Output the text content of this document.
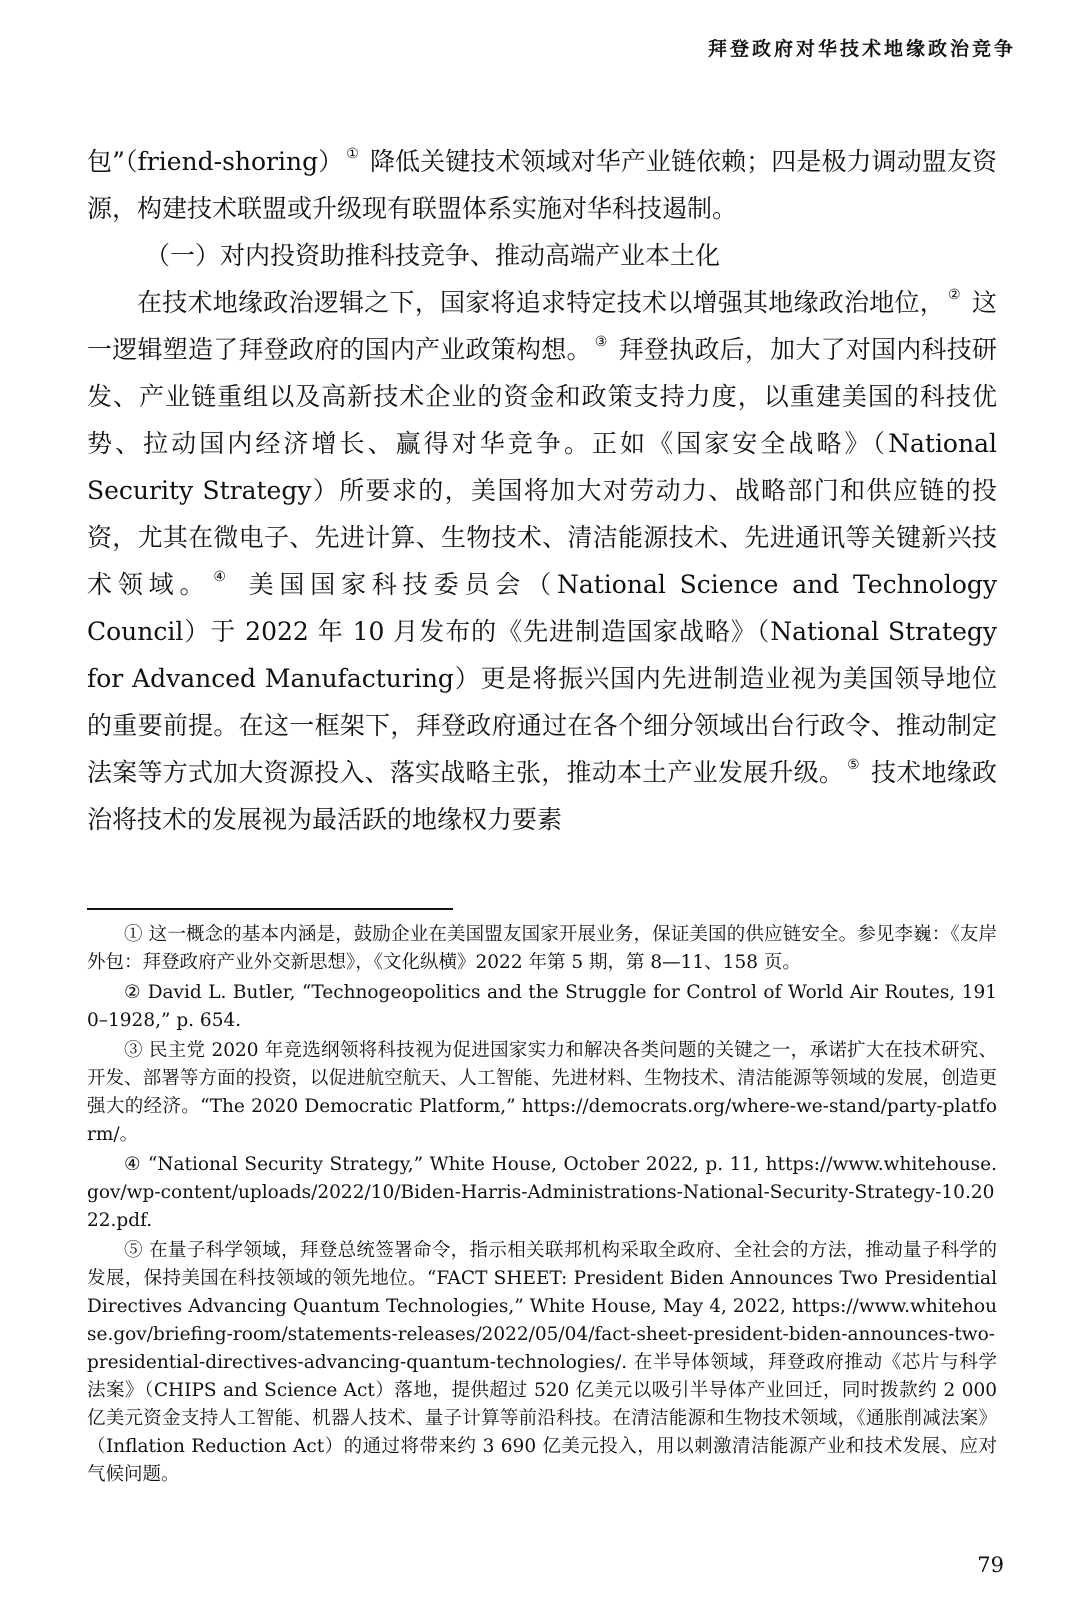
拜登政府对华技术地缘政治竞争

包”（friend-shoring） ① 降低关键技术领域对华产业链依赖；四是极力调动盟友资源，构建技术联盟或升级现有联盟体系实施对华科技遏制。

（一）对内投资助推科技竞争、推动高端产业本土化

在技术地缘政治逻辑之下，国家将追求特定技术以增强其地缘政治地位， ② 这一逻辑塑造了拜登政府的国内产业政策构想。 ③ 拜登执政后，加大了对国内科技研发、产业链重组以及高新技术企业的资金和政策支持力度，以重建美国的科技优势、拉动国内经济增长、赢得对华竞争。正如《国家安全战略》（National Security Strategy）所要求的，美国将加大对劳动力、战略部门和供应链的投资，尤其在微电子、先进计算、生物技术、清洁能源技术、先进通讯等关键新兴技术领域。 ④ 美国国家科技委员会（National Science and Technology Council）于 2022 年 10 月发布的《先进制造国家战略》（National Strategy for Advanced Manufacturing）更是将振兴国内先进制造业视为美国领导地位的重要前提。在这一框架下，拜登政府通过在各个细分领域出台行政令、推动制定法案等方式加大资源投入、落实战略主张，推动本土产业发展升级。 ⑤ 技术地缘政治将技术的发展视为最活跃的地缘权力要素

① 这一概念的基本内涵是，鼓励企业在美国盟友国家开展业务，保证美国的供应链安全。参见李巍：《友岸外包：拜登政府产业外交新思想》，《文化纵横》2022 年第 5 期，第 8—11、158 页。

② David L. Butler, “Technogeopolitics and the Struggle for Control of World Air Routes, 1910–1928,” p. 654.

③ 民主党 2020 年竞选纲领将科技视为促进国家实力和解决各类问题的关键之一，承诺扩大在技术研究、开发、部署等方面的投资，以促进航空航天、人工智能、先进材料、生物技术、清洁能源等领域的发展，创造更强大的经济。“The 2020 Democratic Platform,” https://democrats.org/where-we-stand/party-platform/。

④ “National Security Strategy,” White House, October 2022, p. 11, https://www.whitehouse.gov/wp-content/uploads/2022/10/Biden-Harris-Administrations-National-Security-Strategy-10.2022.pdf.

⑤ 在量子科学领域，拜登总统签署命令，指示相关联邦机构采取全政府、全社会的方法，推动量子科学的发展，保持美国在科技领域的领先地位。“FACT SHEET: President Biden Announces Two Presidential Directives Advancing Quantum Technologies,” White House, May 4, 2022, https://www.whitehouse.gov/briefing-room/statements-releases/2022/05/04/fact-sheet-president-biden-announces-two-presidential-directives-advancing-quantum-technologies/. 在半导体领域，拜登政府推动《芯片与科学法案》（CHIPS and Science Act）落地，提供超过 520 亿美元以吸引半导体产业回迁，同时拨款约 2 000 亿美元资金支持人工智能、机器人技术、量子计算等前沿科技。在清洁能源和生物技术领域，《通胀削减法案》（Inflation Reduction Act）的通过将带来约 3 690 亿美元投入，用以刺激清洁能源产业和技术发展、应对气候问题。

79
